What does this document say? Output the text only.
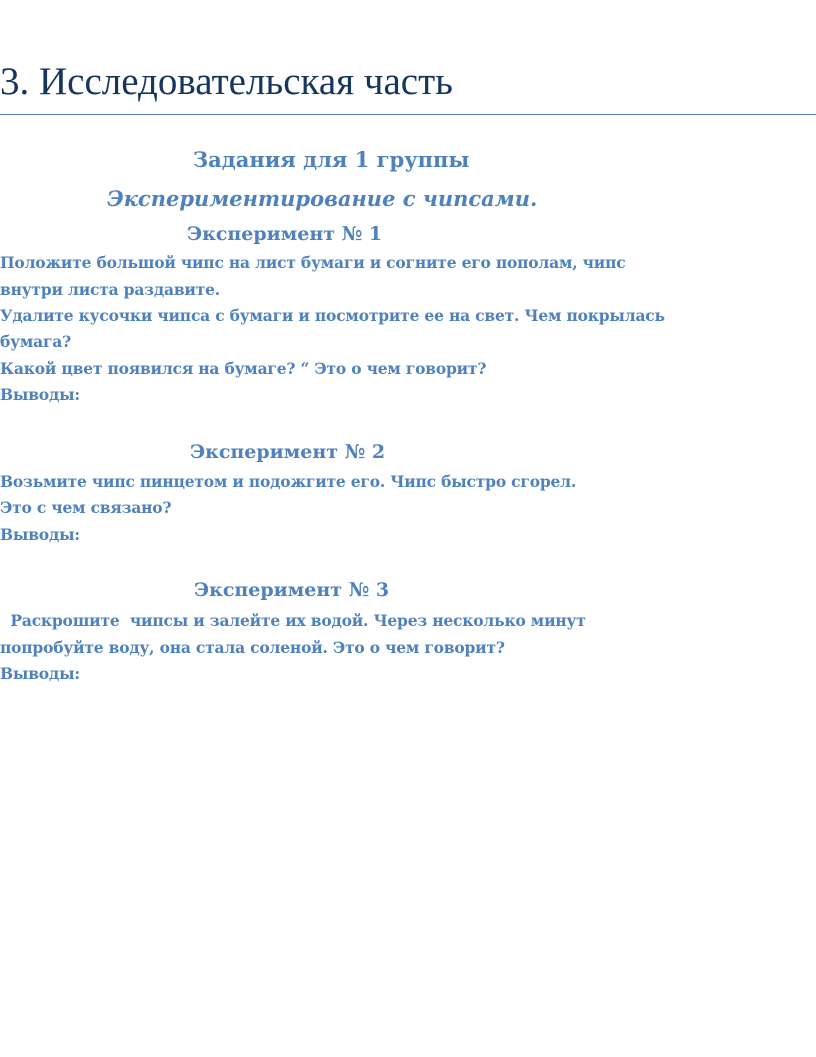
3. Исследовательская часть
Задания для 1 группы
Экспериментирование с чипсами.
Эксперимент № 1

Положите большой чипс на лист бумаги и согните его пополам, чипс

внутри листа раздавите.

Удалите кусочки чипса с бумаги и посмотрите ее на свет. Чем покрылась

бумага?

Какой цвет появился на бумаге? “ Это о чем говорит?

Выводы:

Эксперимент № 2

Возьмите чипс пинцетом и подожгите его. Чипс быстро сгорел.

Это с чем связано?

Выводы:

Эксперимент № 3

Раскрошите  чипсы и залейте их водой. Через несколько минут

попробуйте воду, она стала соленой. Это о чем говорит?

Выводы:
